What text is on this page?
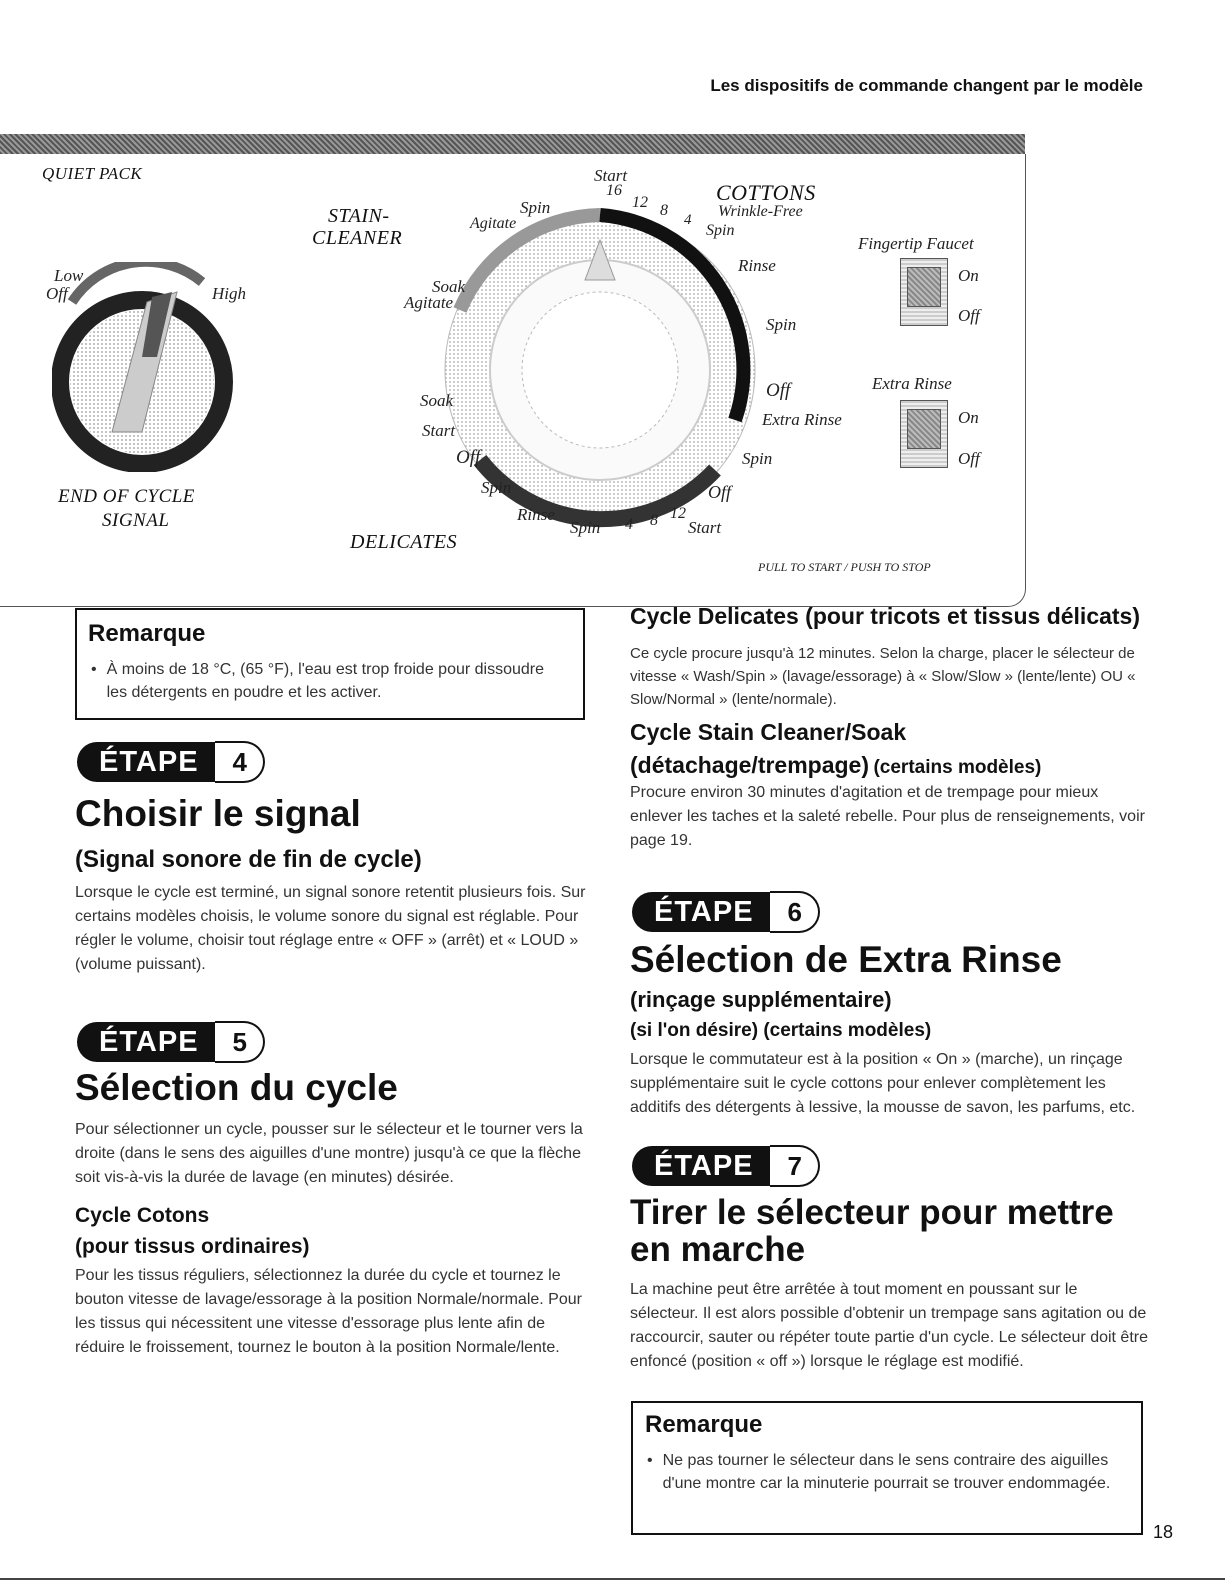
Les dispositifs de commande changent par le modèle
QUIET PACK
Low
Off	High
END OF CYCLE
SIGNAL
STAIN-
CLEANER
COTTONS
DELICATES
Start
16
12 8
4 Wrinkle-Free
Spin
Rinse
Spin
Off
Extra Rinse
Spin
Off
Start
12
8
4
Spin
Rinse
Spin
Off
Start
Soak
Soak
Agitate
Agitate
Spin
Fingertip Faucet
On
Off
Extra Rinse
On
Off
PULL TO START / PUSH TO STOP
Remarque
• À moins de 18 °C, (65 °F), l'eau est trop froide pour dissoudre les détergents en poudre et les activer.
ÉTAPE	4
Choisir le signal
(Signal sonore de fin de cycle)

Lorsque le cycle est terminé, un signal sonore retentit plusieurs fois. Sur certains modèles choisis, le volume sonore du signal est réglable. Pour régler le volume, choisir tout réglage entre « OFF » (arrêt) et « LOUD » (volume puissant).

ÉTAPE	5
Sélection du cycle

Pour sélectionner un cycle, pousser sur le sélecteur et le tourner vers la droite (dans le sens des aiguilles d'une montre) jusqu'à ce que la flèche soit vis-à-vis la durée de lavage (en minutes) désirée.

Cycle Cotons
(pour tissus ordinaires)

Pour les tissus réguliers, sélectionnez la durée du cycle et tournez le bouton vitesse de lavage/essorage à la position Normale/normale. Pour les tissus qui nécessitent une vitesse d'essorage plus lente afin de réduire le froissement, tournez le bouton à la position Normale/lente.

Cycle Delicates (pour tricots et tissus délicats)

Ce cycle procure jusqu'à 12 minutes. Selon la charge, placer le sélecteur de vitesse « Wash/Spin » (lavage/essorage) à « Slow/Slow » (lente/lente) OU « Slow/Normal » (lente/normale).

Cycle Stain Cleaner/Soak
(détachage/trempage) (certains modèles)

Procure environ 30 minutes d'agitation et de trempage pour mieux enlever les taches et la saleté rebelle. Pour plus de renseignements, voir page 19.

ÉTAPE	6
Sélection de Extra Rinse
(rinçage supplémentaire)
(si l'on désire) (certains modèles)

Lorsque le commutateur est à la position « On » (marche), un rinçage supplémentaire suit le cycle cottons pour enlever complètement les additifs des détergents à lessive, la mousse de savon, les parfums, etc.

ÉTAPE	7
Tirer le sélecteur pour mettre en marche

La machine peut être arrêtée à tout moment en poussant sur le sélecteur. Il est alors possible d'obtenir un trempage sans agitation ou de raccourcir, sauter ou répéter toute partie d'un cycle. Le sélecteur doit être enfoncé (position « off ») lorsque le réglage est modifié.

Remarque
• Ne pas tourner le sélecteur dans le sens contraire des aiguilles d'une montre car la minuterie pourrait se trouver endommagée.
18
